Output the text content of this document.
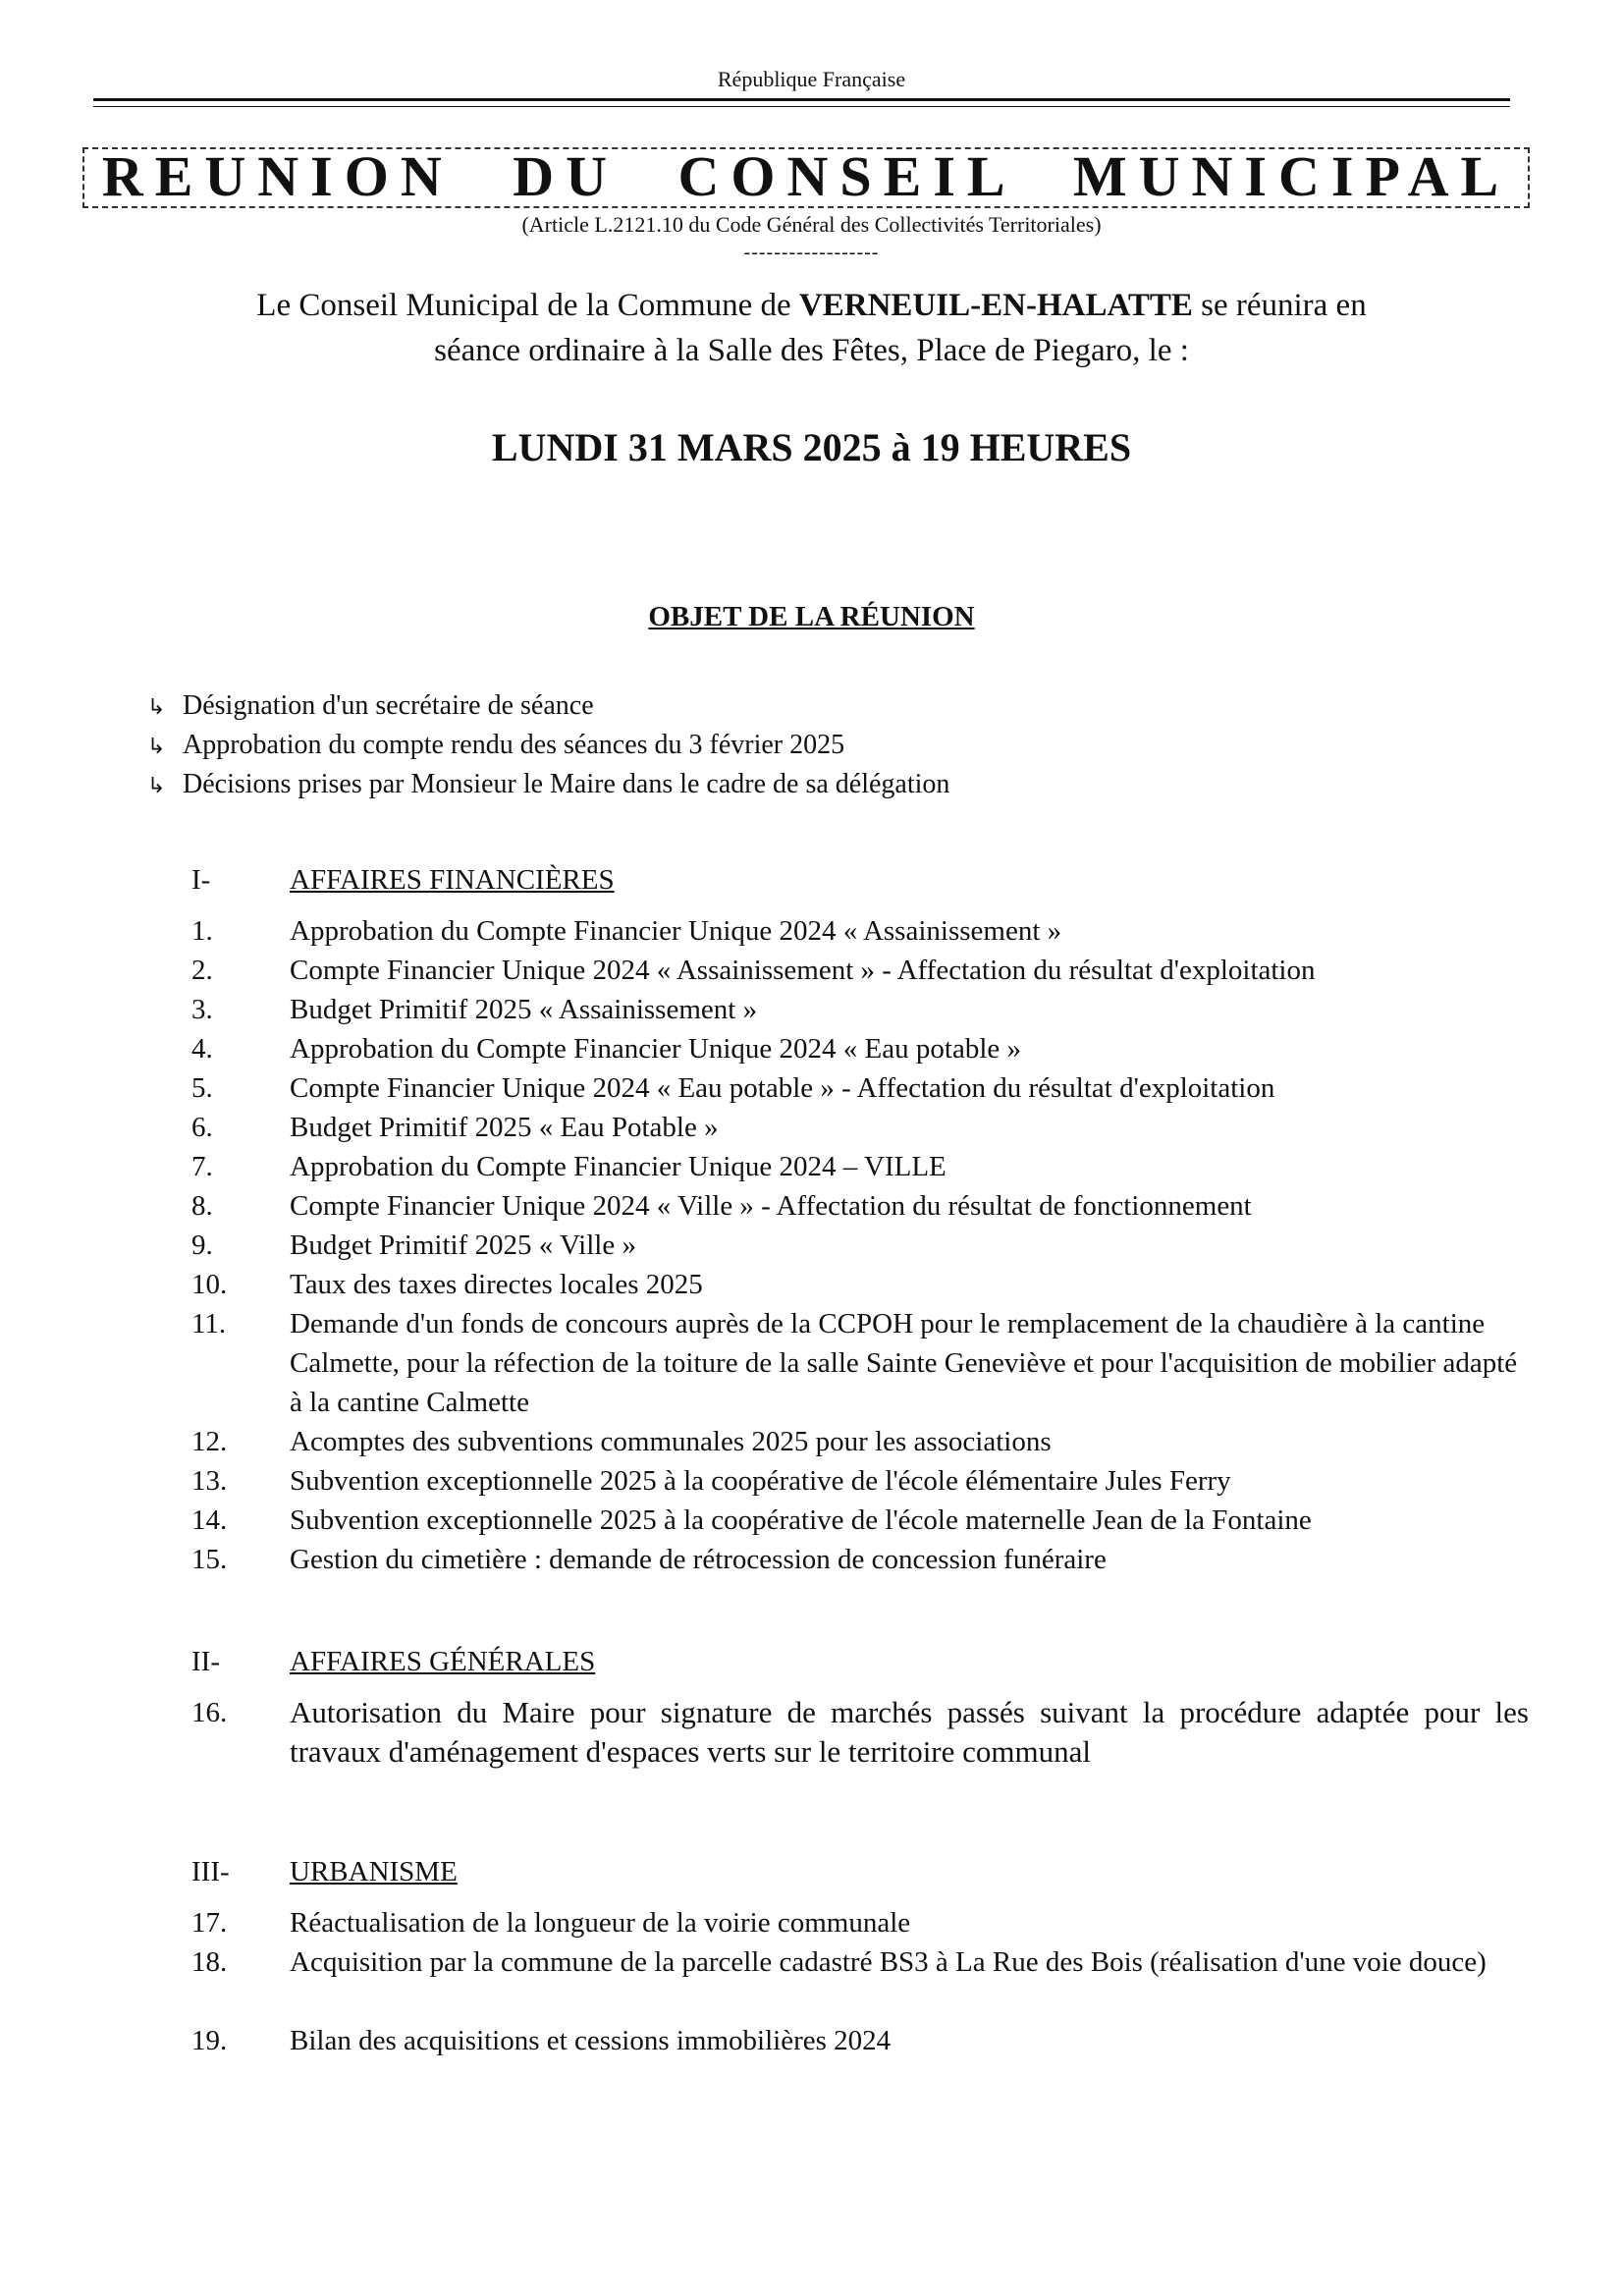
République Française
REUNION DU CONSEIL MUNICIPAL
(Article L.2121.10 du Code Général des Collectivités Territoriales)
------------------
Le Conseil Municipal de la Commune de VERNEUIL-EN-HALATTE se réunira en
séance ordinaire à la Salle des Fêtes, Place de Piegaro, le :
LUNDI 31 MARS 2025 à 19 HEURES
OBJET DE LA RÉUNION
↳ Désignation d'un secrétaire de séance
↳ Approbation du compte rendu des séances du 3 février 2025
↳ Décisions prises par Monsieur le Maire dans le cadre de sa délégation
I-	AFFAIRES FINANCIÈRES
1.	Approbation du Compte Financier Unique 2024 « Assainissement »
2.	Compte Financier Unique 2024 « Assainissement » - Affectation du résultat d'exploitation
3.	Budget Primitif 2025 « Assainissement »
4.	Approbation du Compte Financier Unique 2024 « Eau potable »
5.	Compte Financier Unique 2024 « Eau potable » - Affectation du résultat d'exploitation
6.	Budget Primitif 2025 « Eau Potable »
7.	Approbation du Compte Financier Unique 2024 – VILLE
8.	Compte Financier Unique 2024 « Ville » - Affectation du résultat de fonctionnement
9.	Budget Primitif 2025 « Ville »
10. Taux des taxes directes locales 2025
11. Demande d'un fonds de concours auprès de la CCPOH pour le remplacement de la chaudière à la cantine Calmette, pour la réfection de la toiture de la salle Sainte Geneviève et pour l'acquisition de mobilier adapté à la cantine Calmette
12. Acomptes des subventions communales 2025 pour les associations
13. Subvention exceptionnelle 2025 à la coopérative de l'école élémentaire Jules Ferry
14. Subvention exceptionnelle 2025 à la coopérative de l'école maternelle Jean de la Fontaine
15. Gestion du cimetière : demande de rétrocession de concession funéraire
II- AFFAIRES GÉNÉRALES
16. Autorisation du Maire pour signature de marchés passés suivant la procédure adaptée pour les travaux d'aménagement d'espaces verts sur le territoire communal
III- URBANISME
17. Réactualisation de la longueur de la voirie communale
18. Acquisition par la commune de la parcelle cadastré BS3 à La Rue des Bois (réalisation d'une voie douce)
19. Bilan des acquisitions et cessions immobilières 2024
